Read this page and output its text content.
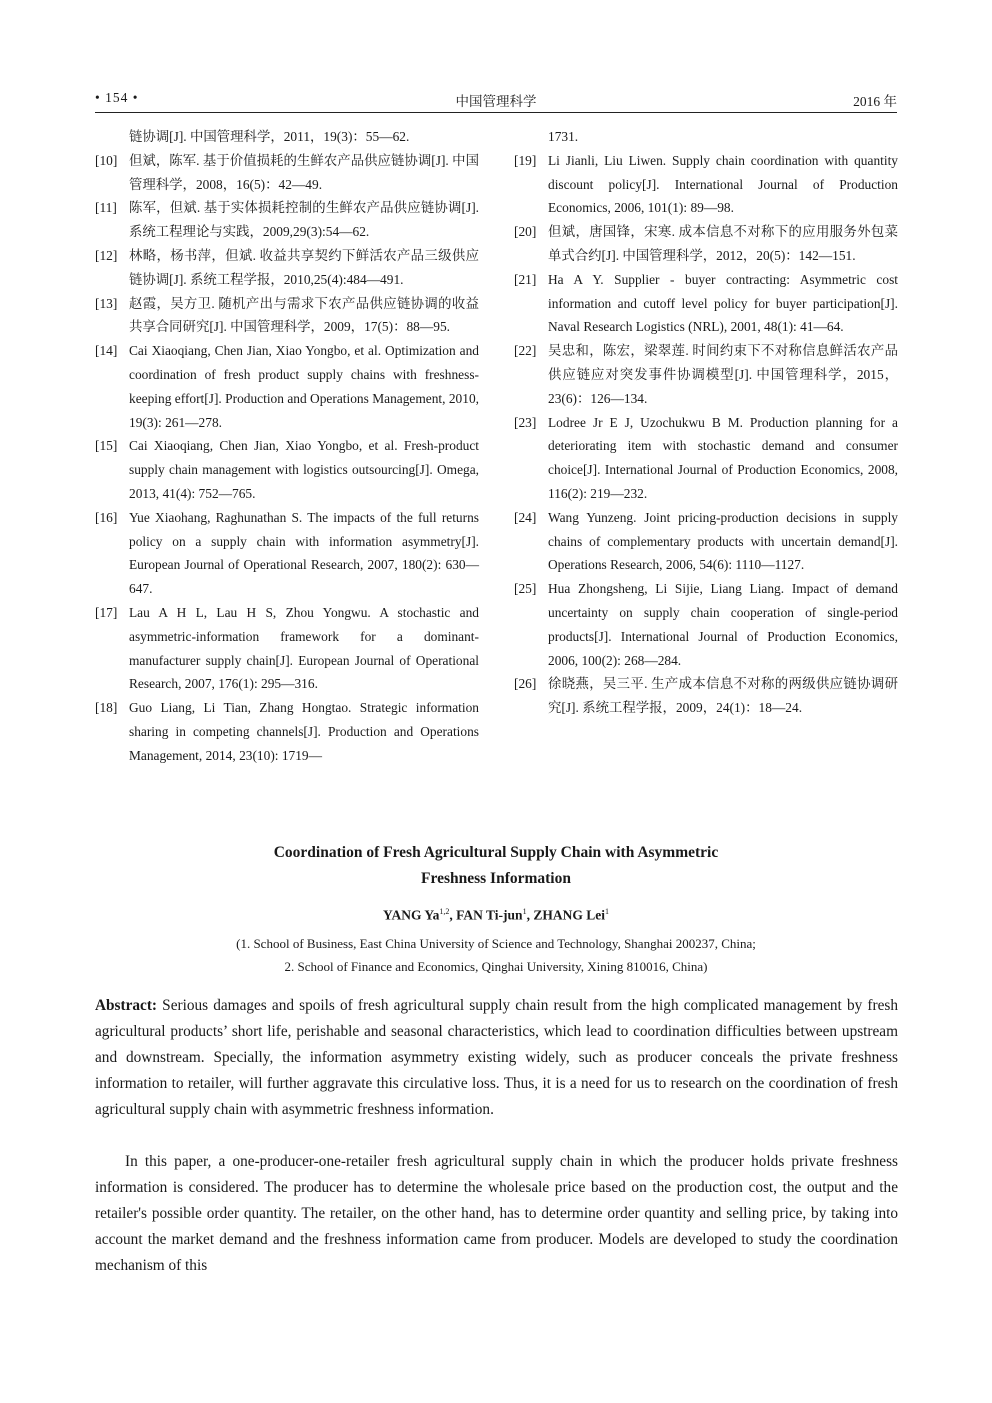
• 154 •	中国管理科学	2016 年
链协调[J]. 中国管理科学，2011，19(3)：55—62.
[10] 但斌，陈军. 基于价值损耗的生鲜农产品供应链协调[J]. 中国管理科学，2008，16(5)：42—49.
[11] 陈军，但斌. 基于实体损耗控制的生鲜农产品供应链协调[J]. 系统工程理论与实践，2009,29(3):54—62.
[12] 林略，杨书萍，但斌. 收益共享契约下鲜活农产品三级供应链协调[J]. 系统工程学报，2010,25(4):484—491.
[13] 赵霞，吴方卫. 随机产出与需求下农产品供应链协调的收益共享合同研究[J]. 中国管理科学，2009，17(5)：88—95.
[14] Cai Xiaoqiang, Chen Jian, Xiao Yongbo, et al. Optimization and coordination of fresh product supply chains with freshness-keeping effort[J]. Production and Operations Management, 2010, 19(3): 261—278.
[15] Cai Xiaoqiang, Chen Jian, Xiao Yongbo, et al. Fresh-product supply chain management with logistics outsourcing[J]. Omega, 2013, 41(4): 752—765.
[16] Yue Xiaohang, Raghunathan S. The impacts of the full returns policy on a supply chain with information asymmetry[J]. European Journal of Operational Research, 2007, 180(2): 630—647.
[17] Lau A H L, Lau H S, Zhou Yongwu. A stochastic and asymmetric-information framework for a dominant-manufacturer supply chain[J]. European Journal of Operational Research, 2007, 176(1): 295—316.
[18] Guo Liang, Li Tian, Zhang Hongtao. Strategic information sharing in competing channels[J]. Production and Operations Management, 2014, 23(10): 1719—
1731.
[19] Li Jianli, Liu Liwen. Supply chain coordination with quantity discount policy[J]. International Journal of Production Economics, 2006, 101(1): 89—98.
[20] 但斌，唐国锋，宋寒. 成本信息不对称下的应用服务外包菜单式合约[J]. 中国管理科学，2012，20(5)：142—151.
[21] Ha A Y. Supplier - buyer contracting: Asymmetric cost information and cutoff level policy for buyer participation[J]. Naval Research Logistics (NRL), 2001, 48(1): 41—64.
[22] 吴忠和，陈宏，梁翠莲. 时间约束下不对称信息鲜活农产品供应链应对突发事件协调模型[J]. 中国管理科学，2015，23(6)：126—134.
[23] Lodree Jr E J, Uzochukwu B M. Production planning for a deteriorating item with stochastic demand and consumer choice[J]. International Journal of Production Economics, 2008, 116(2): 219—232.
[24] Wang Yunzeng. Joint pricing-production decisions in supply chains of complementary products with uncertain demand[J]. Operations Research, 2006, 54(6): 1110—1127.
[25] Hua Zhongsheng, Li Sijie, Liang Liang. Impact of demand uncertainty on supply chain cooperation of single-period products[J]. International Journal of Production Economics, 2006, 100(2): 268—284.
[26] 徐晓燕，吴三平. 生产成本信息不对称的两级供应链协调研究[J]. 系统工程学报，2009，24(1)：18—24.
Coordination of Fresh Agricultural Supply Chain with Asymmetric
Freshness Information
YANG Ya$^{1,2}$, FAN Ti-jun$^1$, ZHANG Lei$^1$
(1. School of Business, East China University of Science and Technology, Shanghai 200237, China;
2. School of Finance and Economics, Qinghai University, Xining 810016, China)
Abstract: Serious damages and spoils of fresh agricultural supply chain result from the high complicated management by fresh agricultural products’ short life, perishable and seasonal characteristics, which lead to coordination difficulties between upstream and downstream. Specially, the information asymmetry existing widely, such as producer conceals the private freshness information to retailer, will further aggravate this circulative loss. Thus, it is a need for us to research on the coordination of fresh agricultural supply chain with asymmetric freshness information.
In this paper, a one-producer-one-retailer fresh agricultural supply chain in which the producer holds private freshness information is considered. The producer has to determine the wholesale price based on the production cost, the output and the retailer's possible order quantity. The retailer, on the other hand, has to determine order quantity and selling price, by taking into account the market demand and the freshness information came from producer. Models are developed to study the coordination mechanism of this
